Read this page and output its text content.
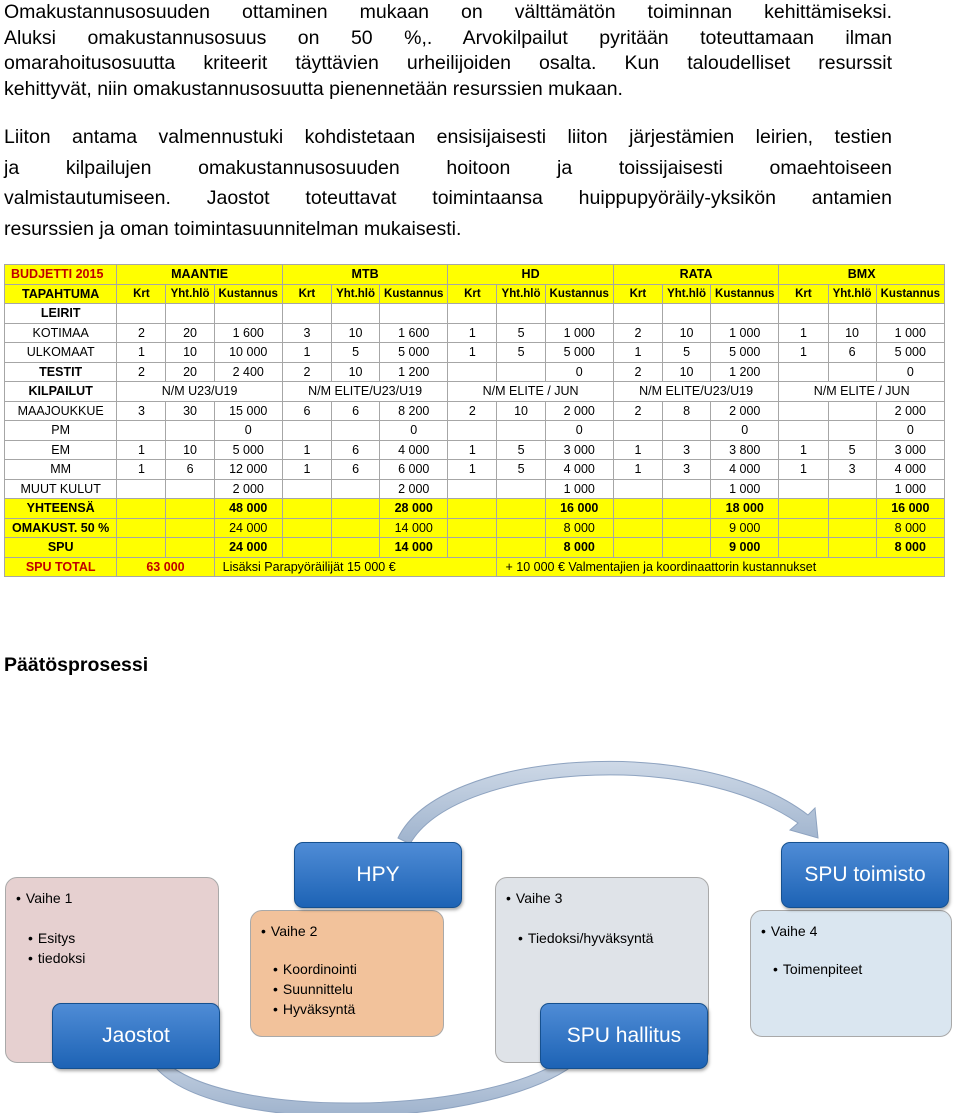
Omakustannusosuuden ottaminen mukaan on välttämätön toiminnan kehittämiseksi.
Aluksi omakustannusosuus on 50 %,. Arvokilpailut pyritään toteuttamaan ilman
omarahoitusosuutta kriteerit täyttävien urheilijoiden osalta. Kun taloudelliset resurssit
kehittyvät, niin omakustannusosuutta pienennetään resurssien mukaan.
Liiton antama valmennustuki kohdistetaan ensisijaisesti liiton järjestämien leirien, testien
ja kilpailujen omakustannusosuuden hoitoon ja toissijaisesti omaehtoiseen
valmistautumiseen. Jaostot toteuttavat toimintaansa huippupyöräily-yksikön antamien
resurssien ja oman toimintasuunnitelman mukaisesti.
BUDJETTI 2015	MAANTIE			MTB			HD			RATA			BMX		
TAPAHTUMA	Krt	Yht.hlö	Kustannus	Krt	Yht.hlö	Kustannus	Krt	Yht.hlö	Kustannus	Krt	Yht.hlö	Kustannus	Krt	Yht.hlö	Kustannus
LEIRIT															
KOTIMAA	2	20	1 600	3	10	1 600	1	5	1 000	2	10	1 000	1	10	1 000
ULKOMAAT	1	10	10 000	1	5	5 000	1	5	5 000	1	5	5 000	1	6	5 000
TESTIT	2	20	2 400	2	10	1 200			0	2	10	1 200			0
KILPAILUT	N/M U23/U19			N/M ELITE/U23/U19			N/M ELITE / JUN			N/M ELITE/U23/U19			N/M ELITE / JUN		
MAAJOUKKUE	3	30	15 000	6	6	8 200	2	10	2 000	2	8	2 000			2 000
PM			0			0			0			0			0
EM	1	10	5 000	1	6	4 000	1	5	3 000	1	3	3 800	1	5	3 000
MM	1	6	12 000	1	6	6 000	1	5	4 000	1	3	4 000	1	3	4 000
MUUT KULUT			2 000			2 000			1 000			1 000			1 000
YHTEENSÄ			48 000			28 000			16 000			18 000			16 000
OMAKUST. 50 %			24 000			14 000			8 000			9 000			8 000
SPU			24 000			14 000			8 000			9 000			8 000
SPU TOTAL	63 000		Lisäksi Parapyöräilijät 15 000 €					+ 10 000 € Valmentajien ja koordinaattorin kustannukset							
Päätösprosessi
• Vaihe 1
• Esitys
• tiedoksi
• Vaihe 2
• Koordinointi
• Suunnittelu
• Hyväksyntä
• Vaihe 3
• Tiedoksi/hyväksyntä	• Vaihe 4
• Toimenpiteet
Jaostot
HPY
SPU hallitus
SPU toimisto
